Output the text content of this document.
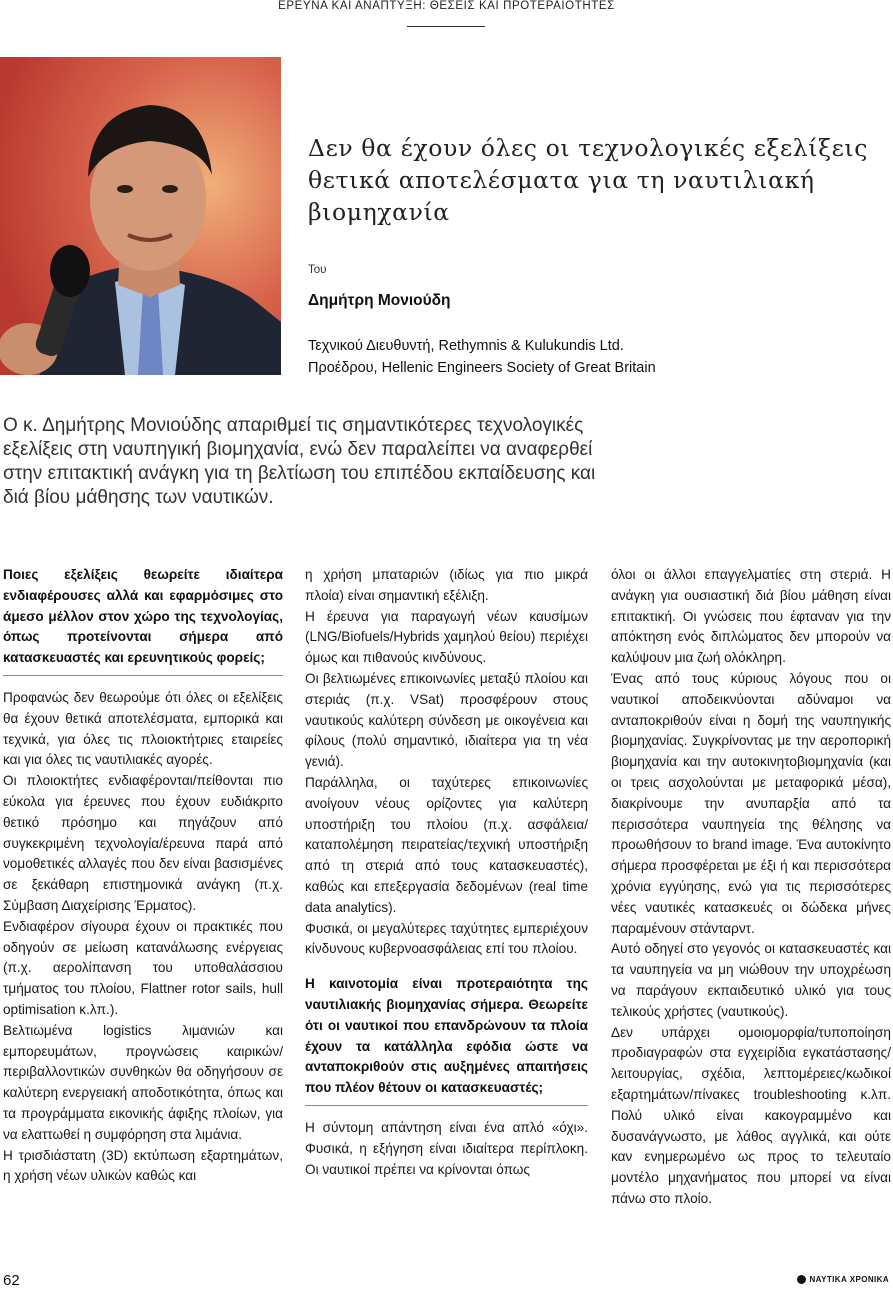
ΕΡΕΥΝΑ ΚΑΙ ΑΝΑΠΤΥΞΗ: ΘΕΣΕΙΣ ΚΑΙ ΠΡΟΤΕΡΑΙΟΤΗΤΕΣ
Δεν θα έχουν όλες οι τεχνολογικές εξελίξεις
θετικά αποτελέσματα για τη ναυτιλιακή
βιομηχανία
Του
Δημήτρη Μονιούδη
Τεχνικού Διευθυντή, Rethymnis & Kulukundis Ltd.
Προέδρου, Hellenic Engineers Society of Great Britain
Ο κ. Δημήτρης Μονιούδης απαριθμεί τις σημαντικότερες τεχνολογικές
εξελίξεις στη ναυπηγική βιομηχανία, ενώ δεν παραλείπει να αναφερθεί
στην επιτακτική ανάγκη για τη βελτίωση του επιπέδου εκπαίδευσης και
διά βίου μάθησης των ναυτικών.

Ποιες εξελίξεις θεωρείτε ιδιαίτερα ενδιαφέρουσες αλλά και εφαρμόσιμες στο άμεσο μέλλον στον χώρο της τεχνολογίας, όπως προτείνονται σήμερα από κατασκευαστές και ερευνητικούς φορείς;

Προφανώς δεν θεωρούμε ότι όλες οι εξελίξεις θα έχουν θετικά αποτελέσματα, εμπορικά και τεχνικά, για όλες τις πλοιοκτήτριες εταιρείες και για όλες τις ναυτιλιακές αγορές.

Οι πλοιοκτήτες ενδιαφέρονται/πείθονται πιο εύκολα για έρευνες που έχουν ευδιάκριτο θετικό πρόσημο και πηγάζουν από συγκεκριμένη τεχνολογία/έρευνα παρά από νομοθετικές αλλαγές που δεν είναι βασισμένες σε ξεκάθαρη επιστημονικά ανάγκη (π.χ. Σύμβαση Διαχείρισης Έρματος).

Ενδιαφέρον σίγουρα έχουν οι πρακτικές που οδηγούν σε μείωση κατανάλωσης ενέργειας (π.χ. αερολίπανση του υποθαλάσσιου τμήματος του πλοίου, Flattner rotor sails, hull optimisation κ.λπ.).

Βελτιωμένα logistics λιμανιών και εμπορευμάτων, προγνώσεις καιρικών/περιβαλλοντικών συνθηκών θα οδηγήσουν σε καλύτερη ενεργειακή αποδοτικότητα, όπως και τα προγράμματα εικονικής άφιξης πλοίων, για να ελαττωθεί η συμφόρηση στα λιμάνια.

Η τρισδιάστατη (3D) εκτύπωση εξαρτημάτων, η χρήση νέων υλικών καθώς και

η χρήση μπαταριών (ιδίως για πιο μικρά πλοία) είναι σημαντική εξέλιξη.

Η έρευνα για παραγωγή νέων καυσίμων (LNG/Biofuels/Hybrids χαμηλού θείου) περιέχει όμως και πιθανούς κινδύνους.

Οι βελτιωμένες επικοινωνίες μεταξύ πλοίου και στεριάς (π.χ. VSat) προσφέρουν στους ναυτικούς καλύτερη σύνδεση με οικογένεια και φίλους (πολύ σημαντικό, ιδιαίτερα για τη νέα γενιά).

Παράλληλα, οι ταχύτερες επικοινωνίες ανοίγουν νέους ορίζοντες για καλύτερη υποστήριξη του πλοίου (π.χ. ασφάλεια/καταπολέμηση πειρατείας/τεχνική υποστήριξη από τη στεριά από τους κατασκευαστές), καθώς και επεξεργασία δεδομένων (real time data analytics).

Φυσικά, οι μεγαλύτερες ταχύτητες εμπεριέχουν κίνδυνους κυβερνοασφάλειας επί του πλοίου.

Η καινοτομία είναι προτεραιότητα της ναυτιλιακής βιομηχανίας σήμερα. Θεωρείτε ότι οι ναυτικοί που επανδρώνουν τα πλοία έχουν τα κατάλληλα εφόδια ώστε να ανταποκριθούν στις αυξημένες απαιτήσεις που πλέον θέτουν οι κατασκευαστές;

Η σύντομη απάντηση είναι ένα απλό «όχι». Φυσικά, η εξήγηση είναι ιδιαίτερα περίπλοκη. Οι ναυτικοί πρέπει να κρίνονται όπως

όλοι οι άλλοι επαγγελματίες στη στεριά. Η ανάγκη για ουσιαστική διά βίου μάθηση είναι επιτακτική. Οι γνώσεις που έφταναν για την απόκτηση ενός διπλώματος δεν μπορούν να καλύψουν μια ζωή ολόκληρη.

Ένας από τους κύριους λόγους που οι ναυτικοί αποδεικνύονται αδύναμοι να ανταποκριθούν είναι η δομή της ναυπηγικής βιομηχανίας. Συγκρίνοντας με την αεροπορική βιομηχανία και την αυτοκινητοβιομηχανία (και οι τρεις ασχολούνται με μεταφορικά μέσα), διακρίνουμε την ανυπαρξία από τα περισσότερα ναυπηγεία της θέλησης να προωθήσουν το brand image. Ένα αυτοκίνητο σήμερα προσφέρεται με έξι ή και περισσότερα χρόνια εγγύησης, ενώ για τις περισσότερες νέες ναυτικές κατασκευές οι δώδεκα μήνες παραμένουν στάνταρντ.

Αυτό οδηγεί στο γεγονός οι κατασκευαστές και τα ναυπηγεία να μη νιώθουν την υποχρέωση να παράγουν εκπαιδευτικό υλικό για τους τελικούς χρήστες (ναυτικούς).

Δεν υπάρχει ομοιομορφία/τυποποίηση προδιαγραφών στα εγχειρίδια εγκατάστασης/λειτουργίας, σχέδια, λεπτομέρειες/κωδικοί εξαρτημάτων/πίνακες troubleshooting κ.λπ. Πολύ υλικό είναι κακογραμμένο και δυσανάγνωστο, με λάθος αγγλικά, και ούτε καν ενημερωμένο ως προς το τελευταίο μοντέλο μηχανήματος που μπορεί να είναι πάνω στο πλοίο.

62	ΝΑΥΤΙΚΑ ΧΡΟΝΙΚΑ
